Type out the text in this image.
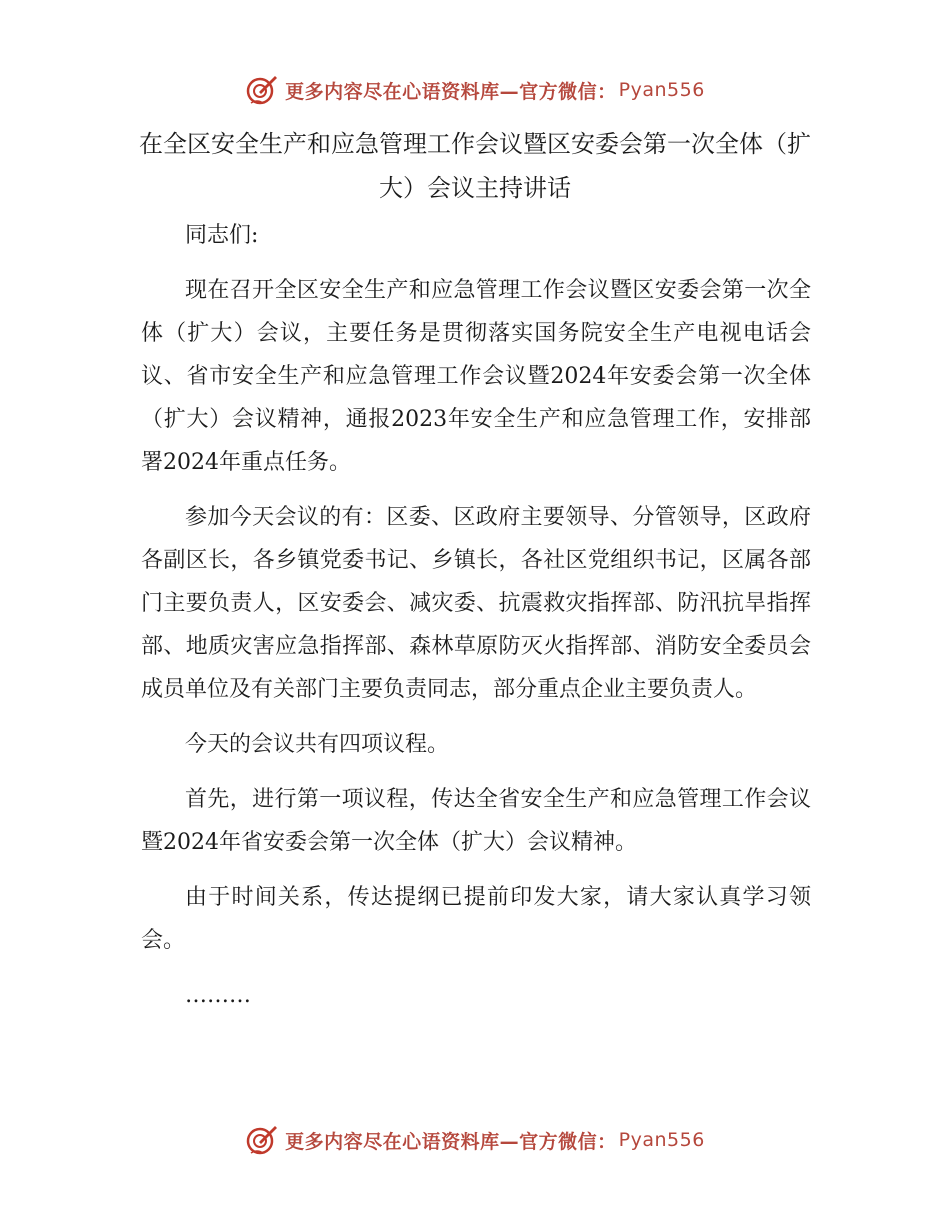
更多内容尽在心语资料库—官方微信： Pyan556
在全区安全生产和应急管理工作会议暨区安委会第一次全体（扩大）会议主持讲话

同志们:

现在召开全区安全生产和应急管理工作会议暨区安委会第一次全体（扩大）会议，主要任务是贯彻落实国务院安全生产电视电话会议、省市安全生产和应急管理工作会议暨2024年安委会第一次全体（扩大）会议精神，通报2023年安全生产和应急管理工作，安排部署2024年重点任务。

参加今天会议的有：区委、区政府主要领导、分管领导，区政府各副区长，各乡镇党委书记、乡镇长，各社区党组织书记，区属各部门主要负责人，区安委会、减灾委、抗震救灾指挥部、防汛抗旱指挥部、地质灾害应急指挥部、森林草原防灭火指挥部、消防安全委员会成员单位及有关部门主要负责同志，部分重点企业主要负责人。

今天的会议共有四项议程。

首先，进行第一项议程，传达全省安全生产和应急管理工作会议暨2024年省安委会第一次全体（扩大）会议精神。

由于时间关系，传达提纲已提前印发大家，请大家认真学习领会。

………

更多内容尽在心语资料库—官方微信： Pyan556
